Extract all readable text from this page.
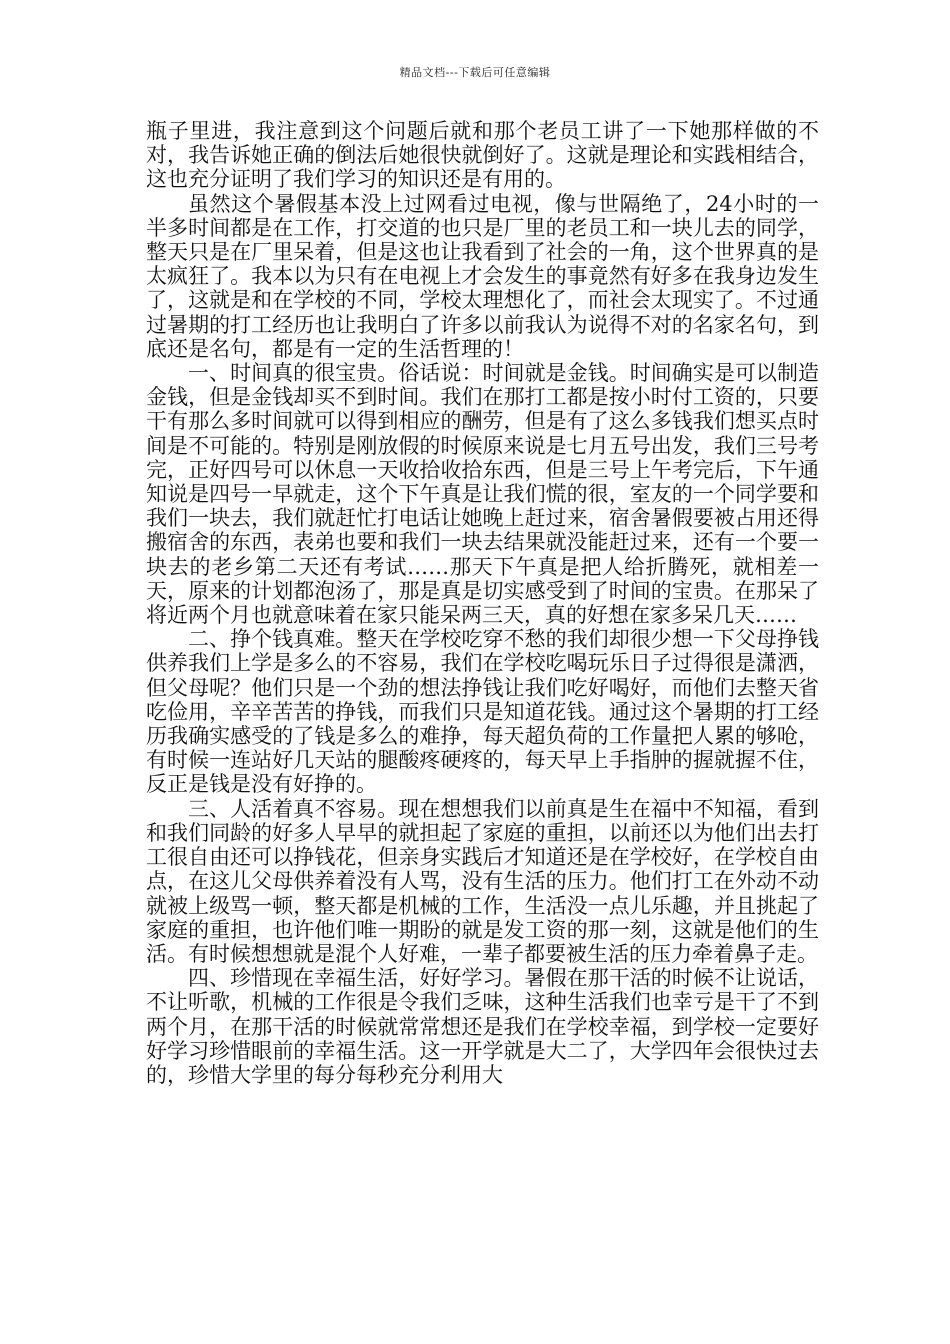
精品文档---下载后可任意编辑

瓶子里进，我注意到这个问题后就和那个老员工讲了一下她那样做的不对，我告诉她正确的倒法后她很快就倒好了。这就是理论和实践相结合，这也充分证明了我们学习的知识还是有用的。

虽然这个暑假基本没上过网看过电视，像与世隔绝了，24小时的一半多时间都是在工作，打交道的也只是厂里的老员工和一块儿去的同学，整天只是在厂里呆着，但是这也让我看到了社会的一角，这个世界真的是太疯狂了。我本以为只有在电视上才会发生的事竟然有好多在我身边发生了，这就是和在学校的不同，学校太理想化了，而社会太现实了。不过通过暑期的打工经历也让我明白了许多以前我认为说得不对的名家名句，到底还是名句，都是有一定的生活哲理的！

一、时间真的很宝贵。俗话说：时间就是金钱。时间确实是可以制造金钱，但是金钱却买不到时间。我们在那打工都是按小时付工资的，只要干有那么多时间就可以得到相应的酬劳，但是有了这么多钱我们想买点时间是不可能的。特别是刚放假的时候原来说是七月五号出发，我们三号考完，正好四号可以休息一天收拾收拾东西，但是三号上午考完后，下午通知说是四号一早就走，这个下午真是让我们慌的很，室友的一个同学要和我们一块去，我们就赶忙打电话让她晚上赶过来，宿舍暑假要被占用还得搬宿舍的东西，表弟也要和我们一块去结果就没能赶过来，还有一个要一块去的老乡第二天还有考试……那天下午真是把人给折腾死，就相差一天，原来的计划都泡汤了，那是真是切实感受到了时间的宝贵。在那呆了将近两个月也就意味着在家只能呆两三天，真的好想在家多呆几天……

二、挣个钱真难。整天在学校吃穿不愁的我们却很少想一下父母挣钱供养我们上学是多么的不容易，我们在学校吃喝玩乐日子过得很是潇洒，但父母呢？他们只是一个劲的想法挣钱让我们吃好喝好，而他们去整天省吃俭用，辛辛苦苦的挣钱，而我们只是知道花钱。通过这个暑期的打工经历我确实感受的了钱是多么的难挣，每天超负荷的工作量把人累的够呛，有时候一连站好几天站的腿酸疼硬疼的，每天早上手指肿的握就握不住，反正是钱是没有好挣的。

三、人活着真不容易。现在想想我们以前真是生在福中不知福，看到和我们同龄的好多人早早的就担起了家庭的重担，以前还以为他们出去打工很自由还可以挣钱花，但亲身实践后才知道还是在学校好，在学校自由点，在这儿父母供养着没有人骂，没有生活的压力。他们打工在外动不动就被上级骂一顿，整天都是机械的工作，生活没一点儿乐趣，并且挑起了家庭的重担，也许他们唯一期盼的就是发工资的那一刻，这就是他们的生活。有时候想想就是混个人好难，一辈子都要被生活的压力牵着鼻子走。

四、珍惜现在幸福生活，好好学习。暑假在那干活的时候不让说话，不让听歌，机械的工作很是令我们乏味，这种生活我们也幸亏是干了不到两个月，在那干活的时候就常常想还是我们在学校幸福，到学校一定要好好学习珍惜眼前的幸福生活。这一开学就是大二了，大学四年会很快过去的，珍惜大学里的每分每秒充分利用大
